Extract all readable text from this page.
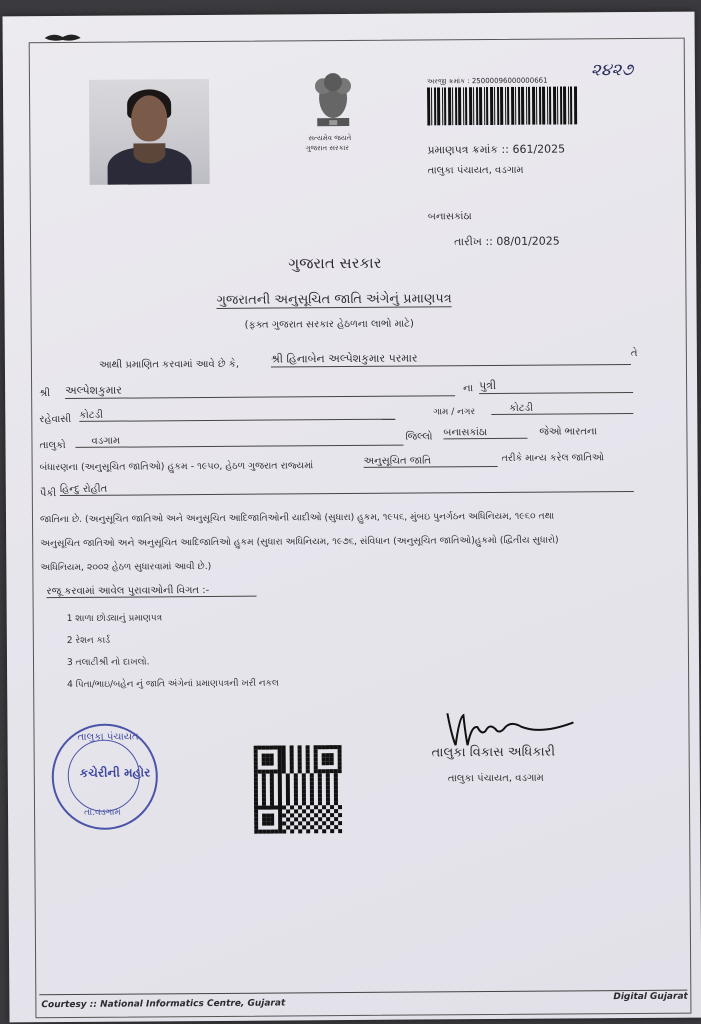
સત્યમેવ જયતે
ગુજરાત સરકાર
અરજી ક્રમાંક : 25000096000000661
૨૪૨૭
પ્રમાણપત્ર ક્રમાંક :: 661/2025
તાલુકા પંચાયત, વડગામ
બનાસકાંઠા
તારીખ :: 08/01/2025
ગુજરાત સરકાર
ગુજરાતની અનુસૂચિત જાતિ અંગેનું પ્રમાણપત્ર
(ફક્ત ગુજરાત સરકાર હેઠળના લાભો માટે)
આથી પ્રમાણિત કરવામાં આવે છે કે,	શ્રી હિનાબેન અલ્પેશકુમાર પરમાર	તે
શ્રી અલ્પેશકુમાર	ના પુત્રી
રહેવાસી કોટડી	ગામ / નગર	કોટડી
તાલુકો	વડગામ	જિલ્લો બનાસકાંઠા	જેઓ ભારતના
બંધારણના (અનુસૂચિત જાતિઓ) હુકમ - ૧૯૫૦, હેઠળ ગુજરાત રાજ્યમાં	અનુસૂચિત જાતિ	તરીકે માન્ય કરેલ જાતિઓ
પૈકી હિન્દુ રોહીત
જાતિના છે. (અનુસૂચિત જાતિઓ અને અનુસૂચિત આદિજાતિઓની યાદીઓ (સુધારા) હુકમ, ૧૯૫૬, મુંબઇ પુનર્ગઠન અધિનિયમ, ૧૯૬૦ તથા
અનુસૂચિત જાતિઓ અને અનુસૂચિત આદિજાતિઓ હુકમ (સુધારા અધિનિયમ, ૧૯૭૬, સંવિધાન (અનુસૂચિત જાતિઓ)હુકમો (દ્વિતીય સુધારો)
અધિનિયમ, ૨૦૦૨ હેઠળ સુધારવામાં આવી છે.)
રજૂ કરવામાં આવેલ પુરાવાઓની વિગત :-
1 શાળા છોડ્યાનું પ્રમાણપત્ર
2 રેશન કાર્ડ
3 તલાટીશ્રી નો દાખલો.
4 પિતા/ભાઇ/બહેન નું જાતિ અંગેનાં પ્રમાણપત્રની ખરી નકલ
તાલુકા પંચાયત
કચેરીની મહોર
તા.વડગામ
તાલુકા વિકાસ અધિકારી
તાલુકા પંચાયત, વડગામ
Courtesy :: National Informatics Centre, Gujarat
Digital Gujarat
